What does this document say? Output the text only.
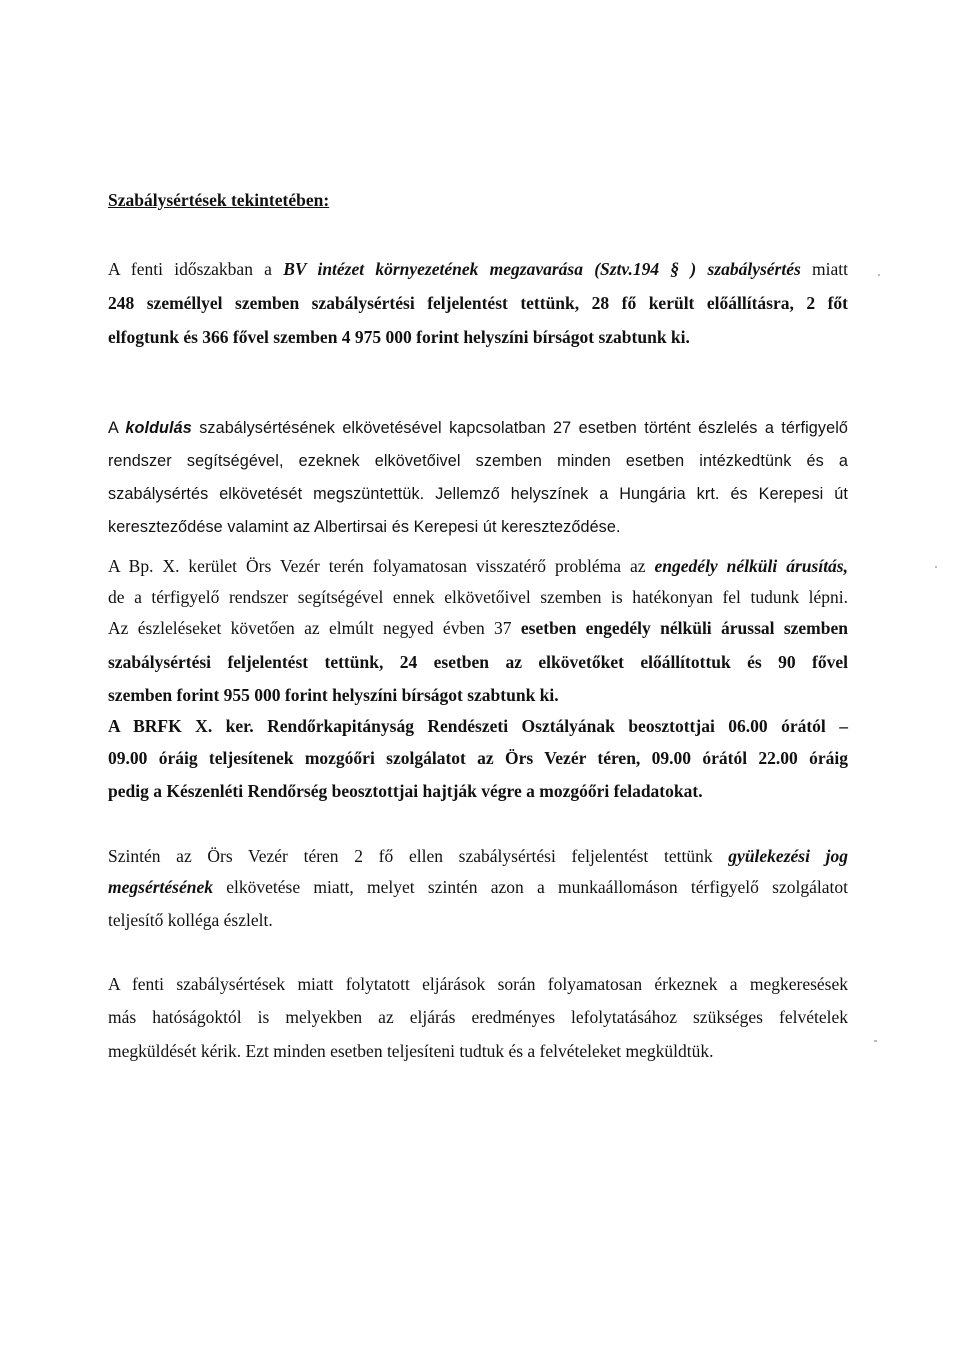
Szabálysértések tekintetében:
A fenti időszakban a BV intézet környezetének megzavarása (Sztv.194 § ) szabálysértés miatt
248 személlyel szemben szabálysértési feljelentést tettünk, 28 fő került előállításra, 2 főt
elfogtunk és 366 fővel szemben 4 975 000 forint helyszíni bírságot szabtunk ki.
A koldulás szabálysértésének elkövetésével kapcsolatban 27 esetben történt észlelés a térfigyelő
rendszer segítségével, ezeknek elkövetőivel szemben minden esetben intézkedtünk és a
szabálysértés elkövetését megszüntettük. Jellemző helyszínek a Hungária krt. és Kerepesi út
kereszteződése valamint az Albertirsai és Kerepesi út kereszteződése.
A Bp. X. kerület Örs Vezér terén folyamatosan visszatérő probléma az engedély nélküli árusítás,
de a térfigyelő rendszer segítségével ennek elkövetőivel szemben is hatékonyan fel tudunk lépni.
Az észleléseket követően az elmúlt negyed évben 37 esetben engedély nélküli árussal szemben
szabálysértési feljelentést tettünk, 24 esetben az elkövetőket előállítottuk és 90 fővel
szemben forint 955 000 forint helyszíni bírságot szabtunk ki.
A BRFK X. ker. Rendőrkapitányság Rendészeti Osztályának beosztottjai 06.00 órától –
09.00 óráig teljesítenek mozgóőri szolgálatot az Örs Vezér téren, 09.00 órától 22.00 óráig
pedig a Készenléti Rendőrség beosztottjai hajtják végre a mozgóőri feladatokat.
Szintén az Örs Vezér téren 2 fő ellen szabálysértési feljelentést tettünk gyülekezési jog
megsértésének elkövetése miatt, melyet szintén azon a munkaállomáson térfigyelő szolgálatot
teljesítő kolléga észlelt.
A fenti szabálysértések miatt folytatott eljárások során folyamatosan érkeznek a megkeresések
más hatóságoktól is melyekben az eljárás eredményes lefolytatásához szükséges felvételek
megküldését kérik. Ezt minden esetben teljesíteni tudtuk és a felvételeket megküldtük.
